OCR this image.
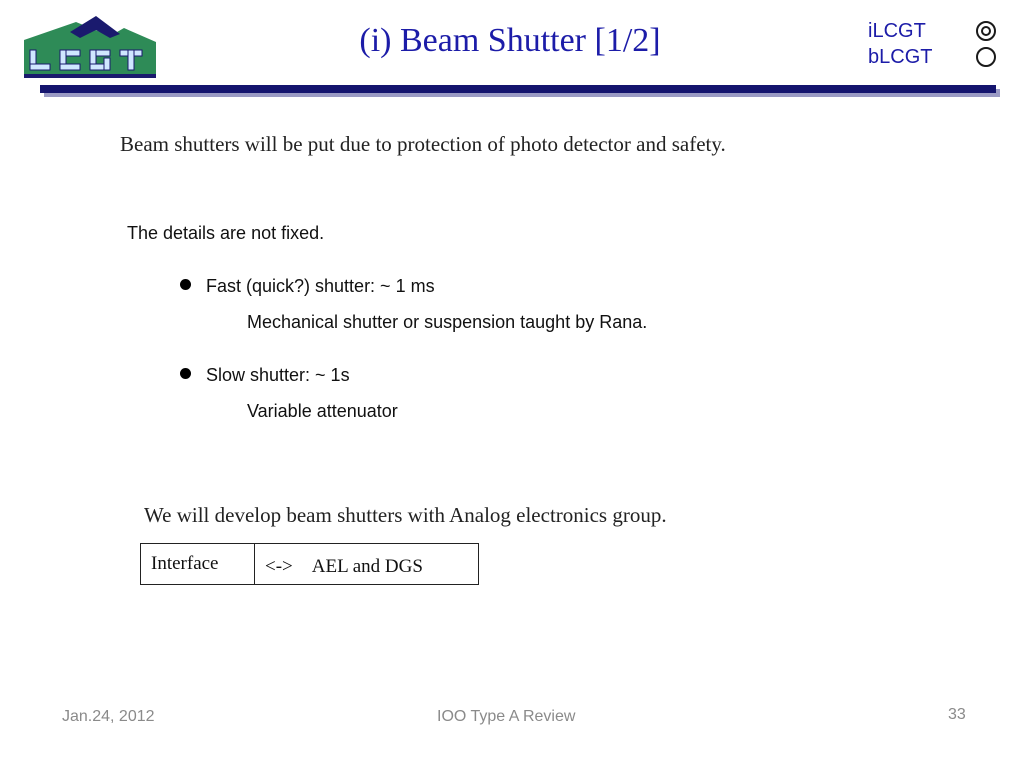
(i) Beam Shutter [1/2]	iLCGT
bLCGT
Beam shutters will be put due to protection of photo detector and safety.
The details are not fixed.
Fast (quick?) shutter: ~ 1 ms
Mechanical shutter or suspension taught by Rana.
Slow shutter: ~ 1s
Variable attenuator
We will develop beam shutters with Analog electronics group.
Interface	<->　AEL and DGS
Jan.24, 2012	IOO Type A Review	33
